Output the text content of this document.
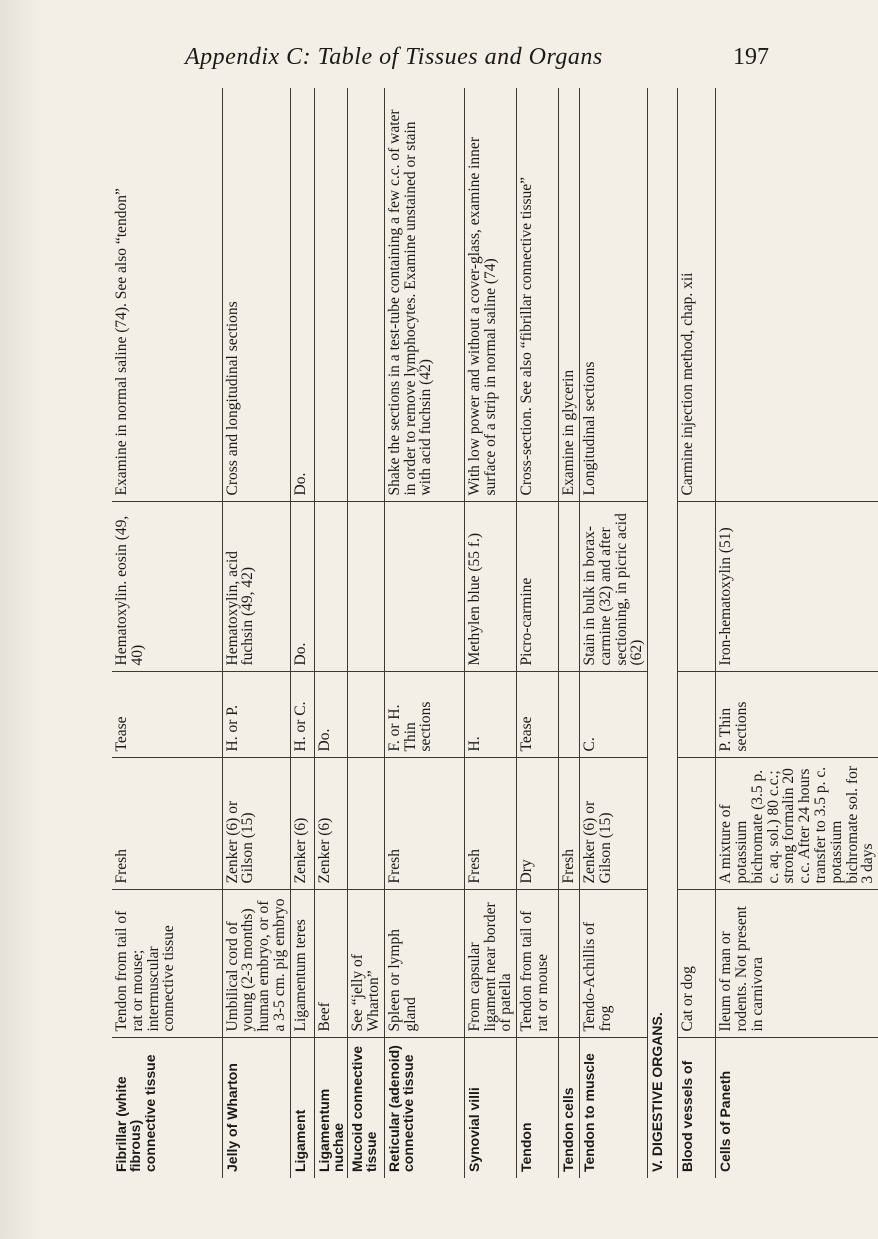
Appendix C: Table of Tissues and Organs	197
Fibrillar (white fibrous) connective tissue	Tendon from tail of rat or mouse; intermuscular connective tissue	Fresh	Tease	Hematoxylin. eosin (49, 40)	Examine in normal saline (74). See also “tendon”
Jelly of Wharton	Umbilical cord of young (2-3 months) human embryo, or of a 3-5 cm. pig embryo	Zenker (6) or Gilson (15)	H. or P.	Hematoxylin, acid fuchsin (49, 42)	Cross and longitudinal sections
Ligament	Ligamentum teres	Zenker (6)	H. or C.	Do.	Do.
Ligamentum nuchae	Beef	Zenker (6)	Do.		
Mucoid connective tissue	See “jelly of Wharton”				
Reticular (adenoid) connective tissue	Spleen or lymph gland	Fresh	F. or H. Thin sections		Shake the sections in a test-tube containing a few c.c. of water in order to remove lymphocytes. Examine unstained or stain with acid fuchsin (42)
Synovial villi	From capsular ligament near border of patella	Fresh	H.	Methylen blue (55 f.)	With low power and without a cover-glass, examine inner surface of a strip in normal saline (74)
Tendon	Tendon from tail of rat or mouse	Dry	Tease	Picro-carmine	Cross-section. See also “fibrillar connective tissue”
Tendon cells		Fresh			Examine in glycerin
Tendon to muscle	Tendo-Achillis of frog	Zenker (6) or Gilson (15)	C.	Stain in bulk in borax-carmine (32) and after sectioning, in picric acid (62)	Longitudinal sections
V. DIGESTIVE ORGANS.					
Blood vessels of	Cat or dog				Carmine injection method, chap. xii
Cells of Paneth	Ileum of man or rodents. Not present in carnivora	A mixture of potassium bichromate (3.5 p. c. aq. sol.) 80 c.c.; strong formalin 20 c.c. After 24 hours transfer to 3.5 p. c. potassium bichromate sol. for 3 days	P. Thin sections	Iron-hematoxylin (51)	
